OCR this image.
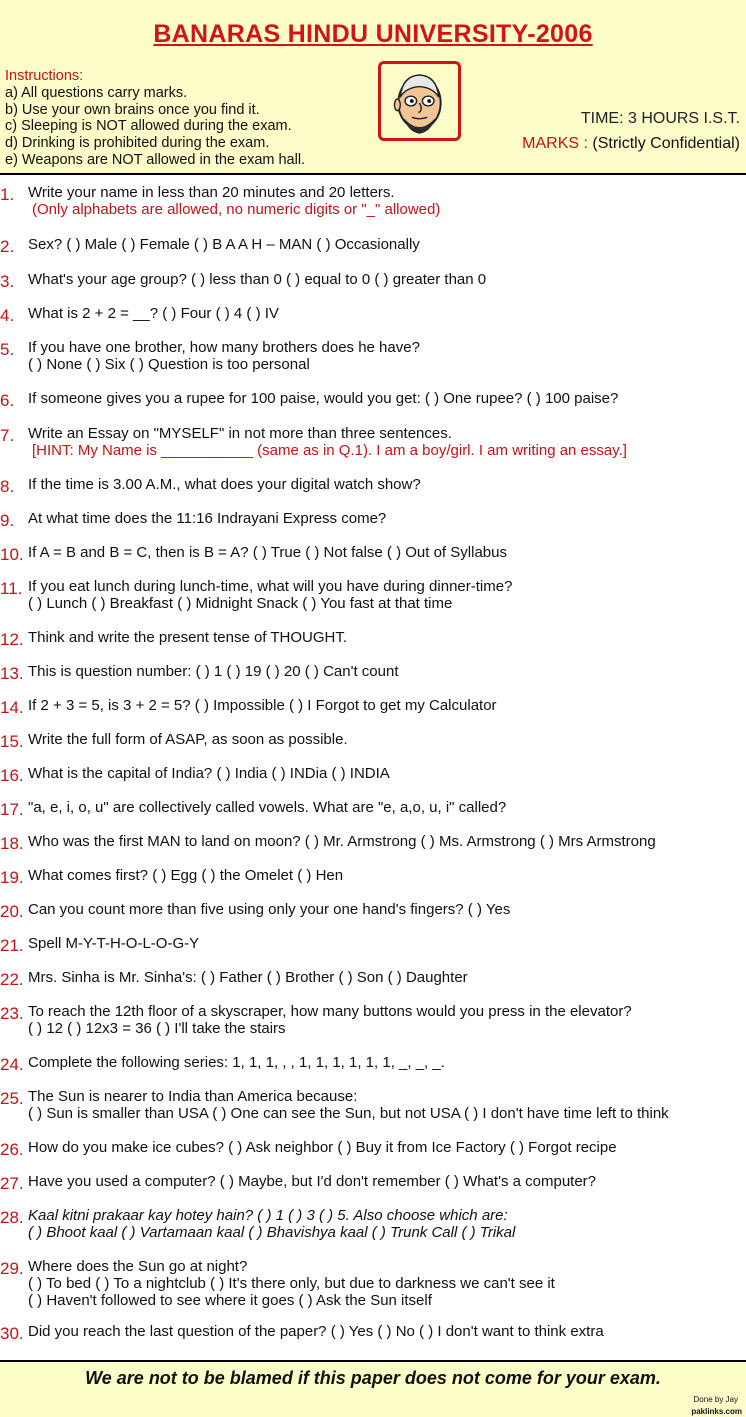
BANARAS HINDU UNIVERSITY-2006
Instructions:
a) All questions carry marks.
b) Use your own brains once you find it.
c) Sleeping is NOT allowed during the exam.
d) Drinking is prohibited during the exam.
e) Weapons are NOT allowed in the exam hall.
TIME: 3 HOURS I.S.T.
MARKS : (Strictly Confidential)
1. Write your name in less than 20 minutes and 20 letters.
(Only alphabets are allowed, no numeric digits or "_" allowed)
2. Sex? ( ) Male ( ) Female ( ) B A A H – MAN ( ) Occasionally
3. What's your age group? ( ) less than 0 ( ) equal to 0 ( ) greater than 0
4. What is 2 + 2 = __? ( ) Four ( ) 4 ( ) IV
5. If you have one brother, how many brothers does he have?
( ) None ( ) Six ( ) Question is too personal
6. If someone gives you a rupee for 100 paise, would you get: ( ) One rupee? ( ) 100 paise?
7. Write an Essay on "MYSELF" in not more than three sentences.
[HINT: My Name is ___________ (same as in Q.1). I am a boy/girl. I am writing an essay.]
8. If the time is 3.00 A.M., what does your digital watch show?
9. At what time does the 11:16 Indrayani Express come?
10. If A = B and B = C, then is B = A? ( ) True ( ) Not false ( ) Out of Syllabus
11. If you eat lunch during lunch-time, what will you have during dinner-time?
( ) Lunch ( ) Breakfast ( ) Midnight Snack ( ) You fast at that time
12. Think and write the present tense of THOUGHT.
13. This is question number: ( ) 1 ( ) 19 ( ) 20 ( ) Can't count
14. If 2 + 3 = 5, is 3 + 2 = 5? ( ) Impossible ( ) I Forgot to get my Calculator
15. Write the full form of ASAP, as soon as possible.
16. What is the capital of India? ( ) India ( ) INDia ( ) INDIA
17. "a, e, i, o, u" are collectively called vowels. What are "e, a,o, u, i" called?
18. Who was the first MAN to land on moon? ( ) Mr. Armstrong ( ) Ms. Armstrong ( ) Mrs Armstrong
19. What comes first? ( ) Egg ( ) the Omelet ( ) Hen
20. Can you count more than five using only your one hand's fingers? ( ) Yes
21. Spell M-Y-T-H-O-L-O-G-Y
22. Mrs. Sinha is Mr. Sinha's: ( ) Father ( ) Brother ( ) Son ( ) Daughter
23. To reach the 12th floor of a skyscraper, how many buttons would you press in the elevator?
( ) 12 ( ) 12x3 = 36 ( ) I'll take the stairs
24. Complete the following series: 1, 1, 1, , , 1, 1, 1, 1, 1, 1, _, _, _.
25. The Sun is nearer to India than America because:
( ) Sun is smaller than USA ( ) One can see the Sun, but not USA ( ) I don't have time left to think
26. How do you make ice cubes? ( ) Ask neighbor ( ) Buy it from Ice Factory ( ) Forgot recipe
27. Have you used a computer? ( ) Maybe, but I'd don't remember ( ) What's a computer?
28. Kaal kitni prakaar kay hotey hain? ( ) 1 ( ) 3 ( ) 5. Also choose which are:
( ) Bhoot kaal ( ) Vartamaan kaal ( ) Bhavishya kaal ( ) Trunk Call ( ) Trikal
29. Where does the Sun go at night?
( ) To bed ( ) To a nightclub ( ) It's there only, but due to darkness we can't see it
( ) Haven't followed to see where it goes ( ) Ask the Sun itself
30. Did you reach the last question of the paper? ( ) Yes ( ) No ( ) I don't want to think extra
We are not to be blamed if this paper does not come for your exam.
Done by Jay
paklinks.com
